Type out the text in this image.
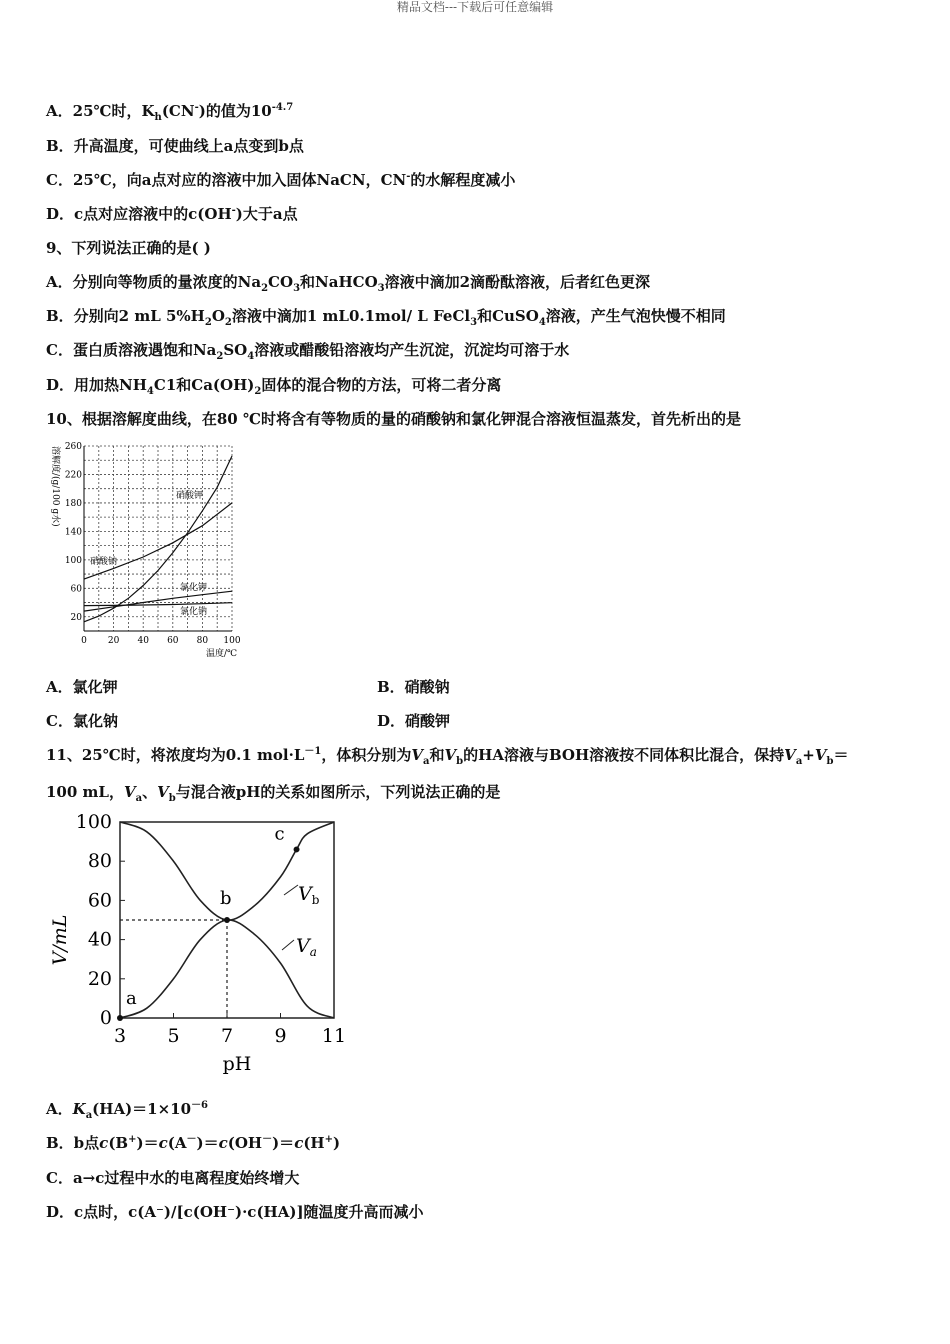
精品文档---下载后可任意编辑
A．25℃时，$K_h(CN^-)$的值为$10^{-4.7}$
B．升高温度，可使曲线上a点变到b点
C．25℃，向a点对应的溶液中加入固体NaCN，CN-的水解程度减小
D．c点对应溶液中的c(OH-)大于a点
9、下列说法正确的是( )
A．分别向等物质的量浓度的$Na_2CO_3$和NaHCO$_3$溶液中滴加2滴酚酞溶液，后者红色更深
B．分别向2 mL $5\%H_2O_2$溶液中滴加1 mL0.1mol/ L FeCl$_3$和CuSO$_4$溶液，产生气泡快慢不相同
C．蛋白质溶液遇饱和$Na_2SO_4$溶液或醋酸铅溶液均产生沉淀，沉淀均可溶于水
D．用加热$NH_4C1$和$Ca(OH)_2$固体的混合物的方法，可将二者分离
10、根据溶解度曲线，在80 ℃时将含有等物质的量的硝酸钠和氯化钾混合溶液恒温蒸发，首先析出的是
溶解度/(g/100 g水)
温度/℃
0 20 40 60 80 100
20
60
100
140
180
220
260
硝酸钾
硝酸钠
氯化钾
氯化钠
A．氯化钾	B．硝酸钠
C．氯化钠	D．硝酸钾
11、25℃时，将浓度均为0.1 $mol\cdot L^{-1}$，体积分别为$V_a$和$V_b$的HA溶液与BOH溶液按不同体积比混合，保持$V_a+V_b=$
100 mL，$V_a$、$V_b$与混合液pH的关系如图所示，下列说法正确的是
V/mL
pH
3 5 7 9 11
0
20
40
60
80
100
a
b
c
$V_b$
$V_a$
A．$K_a(HA)=1\times 10^{-6}$
B．b点c(B+)＝c(A－)＝c(OH－)＝c(H+)
C．a→c过程中水的电离程度始终增大
D．c点时，c(A⁻)/[c(OH⁻)·c(HA)]随温度升高而减小
